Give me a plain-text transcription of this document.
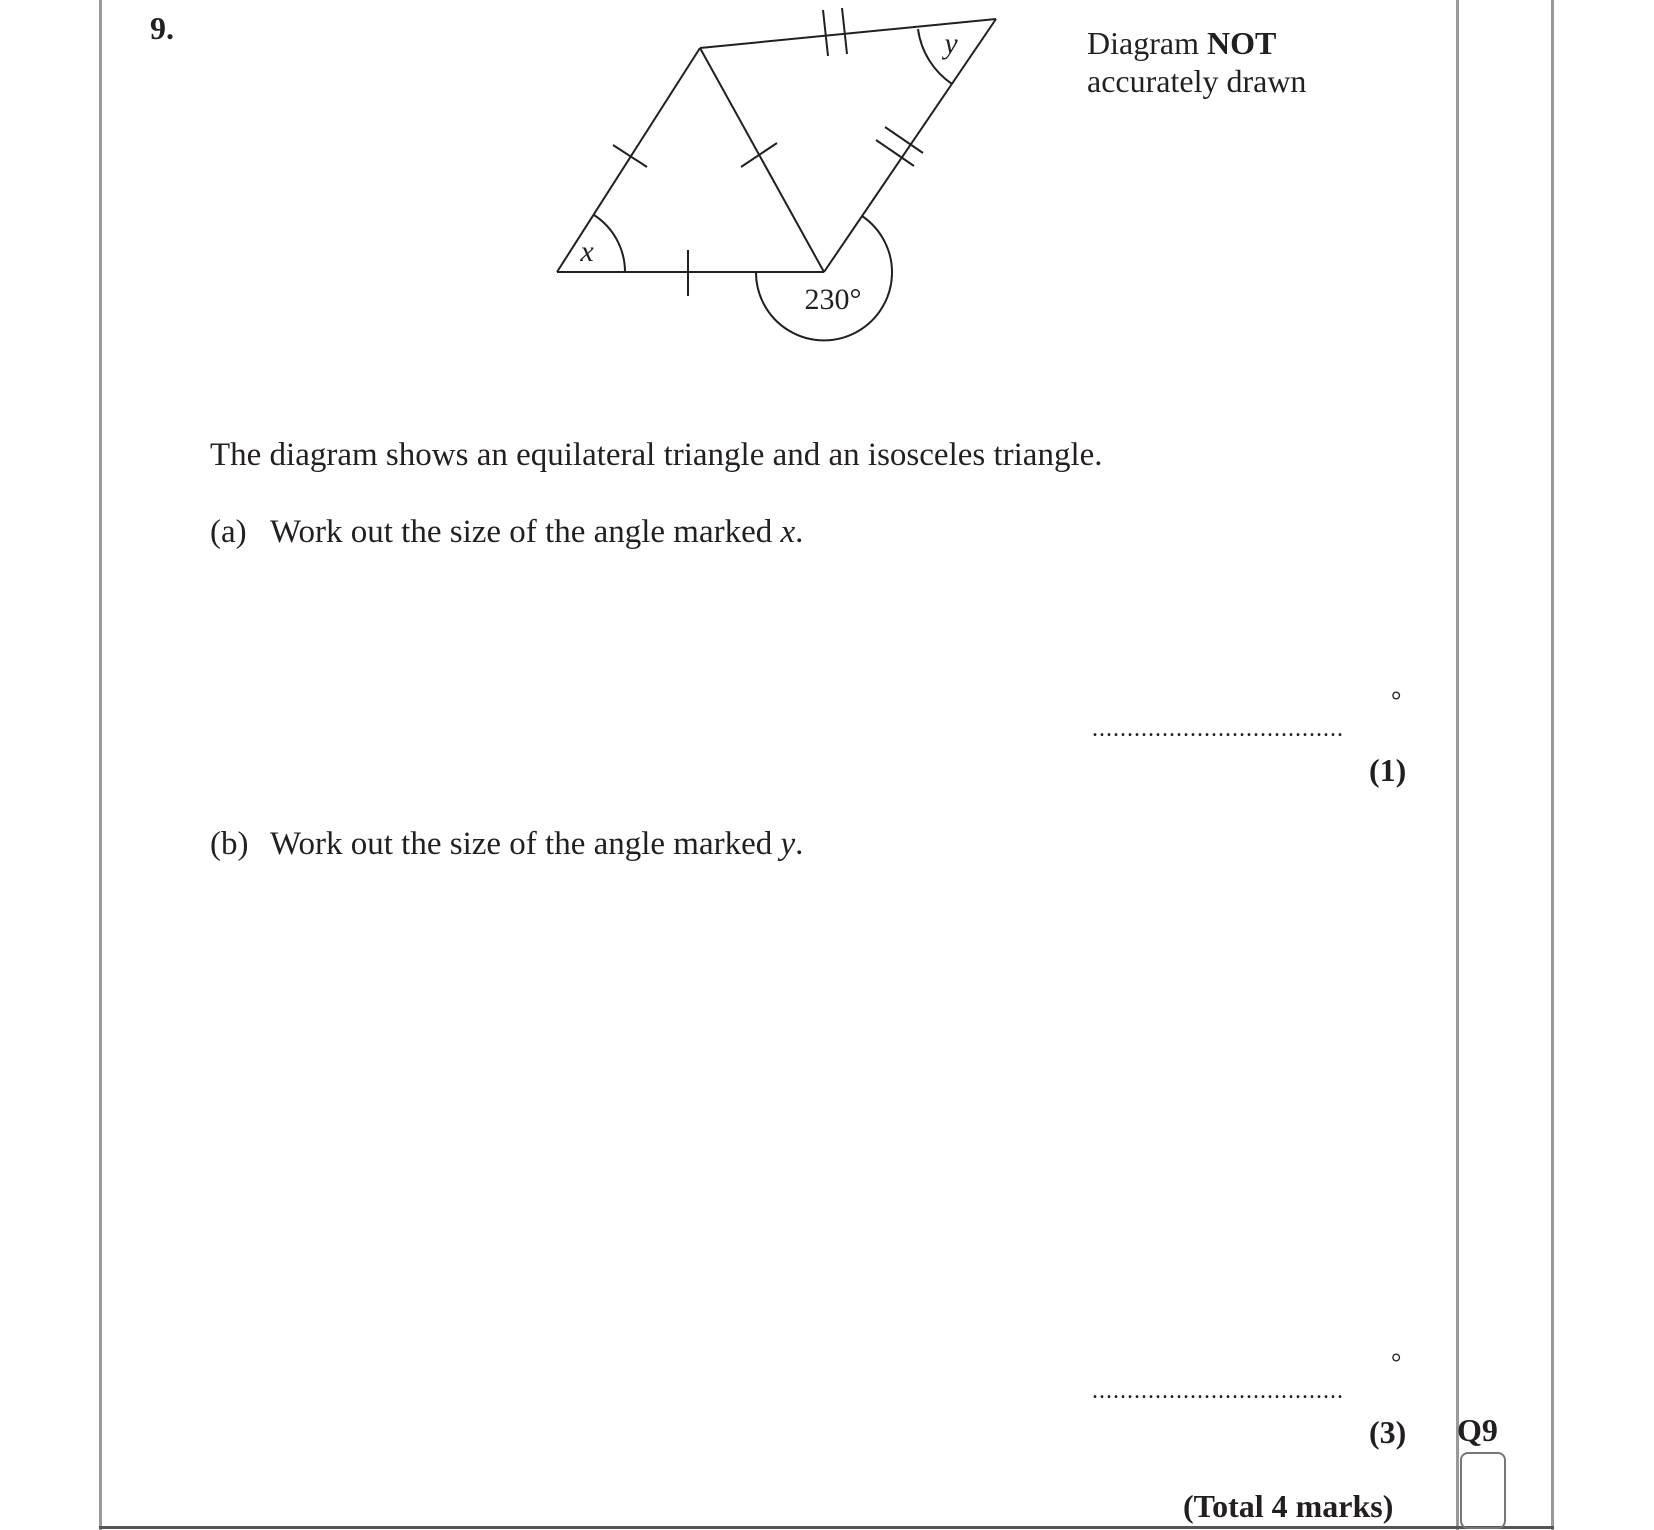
9.
x
y
230°
Diagram NOT
accurately drawn
The diagram shows an equilateral triangle and an isosceles triangle.
(a) Work out the size of the angle marked x.
°
....................................
(1)
(b) Work out the size of the angle marked y.
°
....................................
(3) Q9
(Total 4 marks)
